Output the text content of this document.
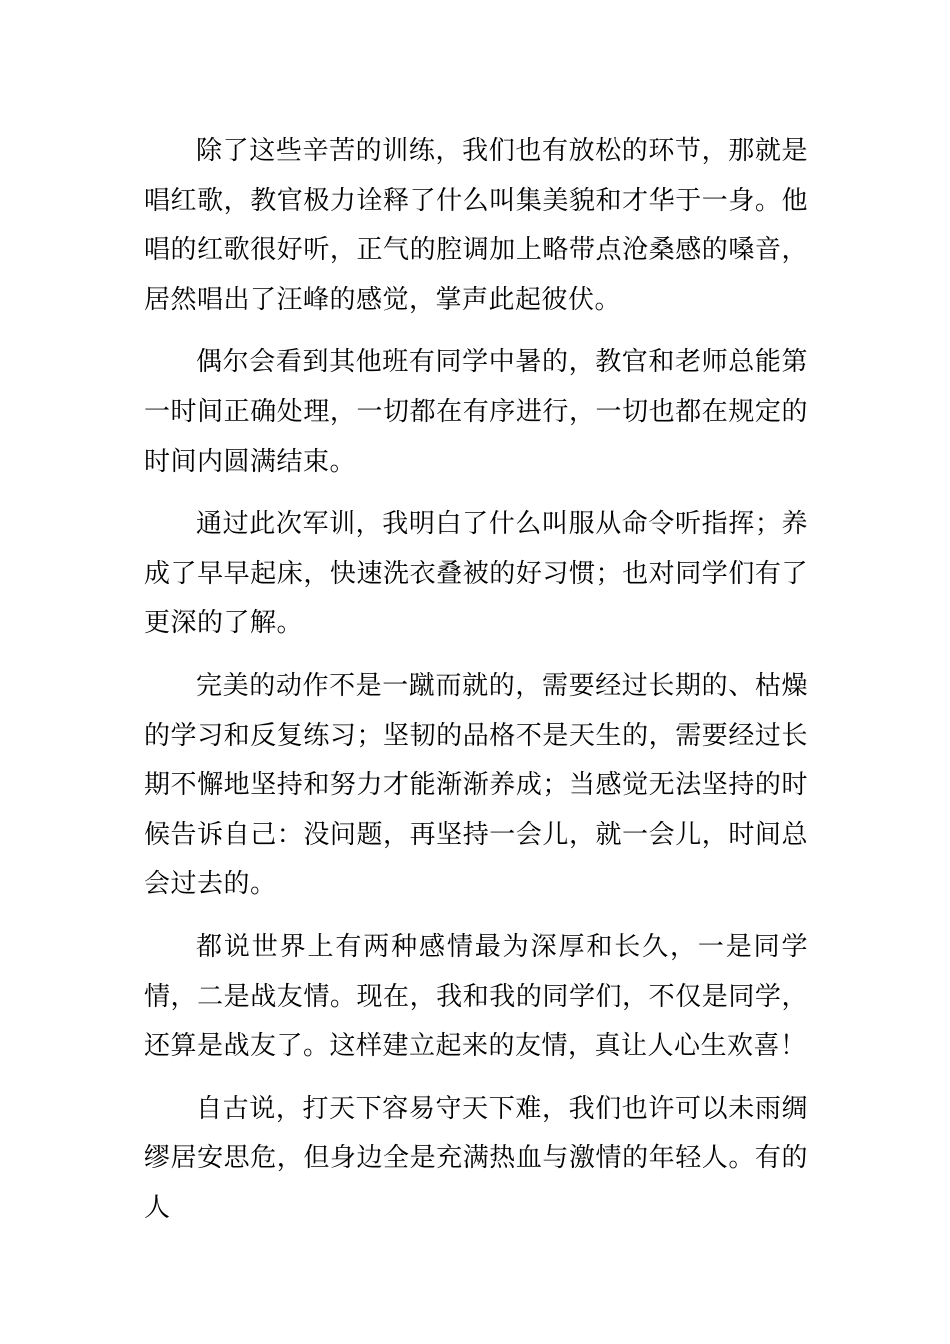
除了这些辛苦的训练，我们也有放松的环节，那就是唱红歌，教官极力诠释了什么叫集美貌和才华于一身。他唱的红歌很好听，正气的腔调加上略带点沧桑感的嗓音，居然唱出了汪峰的感觉，掌声此起彼伏。

偶尔会看到其他班有同学中暑的，教官和老师总能第一时间正确处理，一切都在有序进行，一切也都在规定的时间内圆满结束。

通过此次军训，我明白了什么叫服从命令听指挥；养成了早早起床，快速洗衣叠被的好习惯；也对同学们有了更深的了解。

完美的动作不是一蹴而就的，需要经过长期的、枯燥的学习和反复练习；坚韧的品格不是天生的，需要经过长期不懈地坚持和努力才能渐渐养成；当感觉无法坚持的时候告诉自己：没问题，再坚持一会儿，就一会儿，时间总会过去的。

都说世界上有两种感情最为深厚和长久，一是同学情，二是战友情。现在，我和我的同学们，不仅是同学，还算是战友了。这样建立起来的友情，真让人心生欢喜！

自古说，打天下容易守天下难，我们也许可以未雨绸缪居安思危，但身边全是充满热血与激情的年轻人。有的人
